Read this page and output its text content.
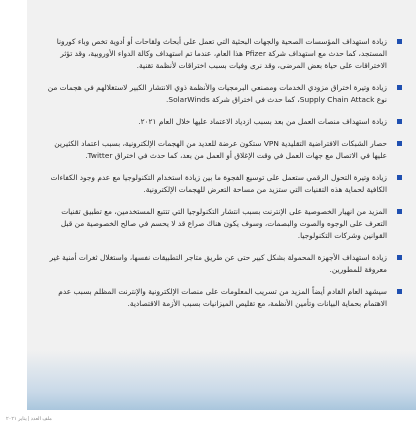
زيادة استهداف المؤسسات الصحية والجهات البحثية التي تعمل على أبحاث ولقاحات أو أدوية تخص وباء كورونا المستجد، كما حدث مع استهداف شركة Pfizer هذا العام، عندما تم استهداف وكالة الدواء الأوروبية، وقد تؤثر الاختراقات على حياة بعض المرضى، وقد نرى وفيات بسبب اختراقات لأنظمة تقنية.
زيادة وتيرة اختراق مزودي الخدمات ومصنعي البرمجيات والأنظمة ذوي الانتشار الكبير لاستغلالهم في هجمات من نوع Supply Chain Attack، كما حدث في اختراق شركة SolarWinds.
زيادة استهداف منصات العمل من بعد بسبب ازدياد الاعتماد عليها خلال العام ٢٠٢١.
حصار الشبكات الافتراضية التقليدية VPN ستكون عرضة للعديد من الهجمات الإلكترونية، بسبب اعتماد الكثيرين عليها في الاتصال مع جهات العمل في وقت الإغلاق أو العمل من بعد، كما حدث في اختراق Twitter.
زيادة وتيرة التحول الرقمي ستعمل على توسيع الفجوة ما بين زيادة استخدام التكنولوجيا مع عدم وجود الكفاءات الكافية لحماية هذه التقنيات التي ستزيد من مساحة التعرض للهجمات الإلكترونية.
المزيد من انهيار الخصوصية على الإنترنت بسبب انتشار التكنولوجيا التي تتتبع المستخدمين، مع تطبيق تقنيات التعرف على الوجوه والصوت والبصمات، وسوف يكون هناك صراع قد لا يحسم في صالح الخصوصية من قبل القوانين وشركات التكنولوجيا.
زيادة استهداف الأجهزة المحمولة بشكل كبير حتى عن طريق متاجر التطبيقات نفسها، واستغلال ثغرات أمنية غير معروفة للمطورين.
سيشهد العام القادم أيضاً المزيد من تسريب المعلومات على منصات الإلكترونية والإنترنت المظلم بسبب عدم الاهتمام بحماية البيانات وتأمين الأنظمة، مع تقليص الميزانيات بسبب الأزمة الاقتصادية.
ملف العدد | يناير ٢٠٢١
